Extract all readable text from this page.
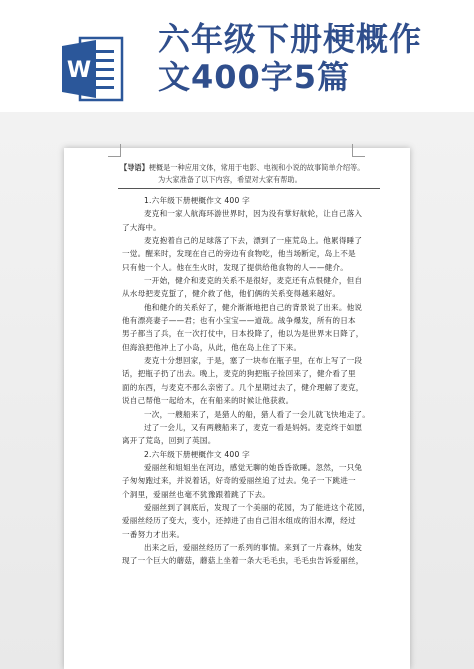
W
六年级下册梗概作
文400字5篇
【导语】梗概是一种应用文体，常用于电影、电视和小说的故事简单介绍等。
为大家准备了以下内容，希望对大家有帮助。
1.六年级下册梗概作文 400 字
麦克和一家人航海环游世界时，因为没有掌好航轮，让自己落入
了大海中。
麦克抱着自己的足球落了下去，漂到了一座荒岛上。他累得睡了
一觉。醒来时，发现在自己的旁边有食物吃，他当场断定，岛上不是
只有他一个人。他在生火时，发现了提供给他食物的人——健介。
一开始，健介和麦克的关系不是很好，麦克还有点恨健介，但自
从水母把麦克蜇了，健介救了他，他们俩的关系变得越来越好。
他和健介的关系好了，健介渐渐地把自己的背景说了出来。他说
他有漂亮妻子——君；也有小宝宝——道哉。战争爆发，所有的日本
男子都当了兵，在一次打仗中，日本投降了，他以为是世界末日降了，
但海浪把他冲上了小岛，从此，他在岛上住了下来。
麦克十分想回家，于是，塞了一块布在瓶子里，在布上写了一段
话，把瓶子扔了出去。晚上，麦克的狗把瓶子捡回来了，健介看了里
面的东西，与麦克不那么亲密了。几个星期过去了，健介理解了麦克，
说自己帮他一起给木，在有船来的时候让他获救。
一次，一艘船来了，是猎人的船，猎人看了一会儿就飞快地走了。
过了一会儿，又有两艘船来了，麦克一看是妈妈。麦克终于如愿
离开了荒岛，回到了英国。
2.六年级下册梗概作文 400 字
爱丽丝和姐姐坐在河边，感觉无聊的她昏昏欲睡。忽然，一只兔
子匆匆跑过来，并说着话，好奇的爱丽丝追了过去。兔子一下跳进一
个洞里，爱丽丝也毫不犹豫跟着跳了下去。
爱丽丝到了洞底后，发现了一个美丽的花园，为了能进这个花园，
爱丽丝经历了变大，变小，还掉进了由自己泪水组成的泪水潭，经过
一番努力才出来。
出来之后，爱丽丝经历了一系列的事情。来到了一片森林，她发
现了一个巨大的蘑菇，蘑菇上坐着一条大毛毛虫，毛毛虫告诉爱丽丝，
